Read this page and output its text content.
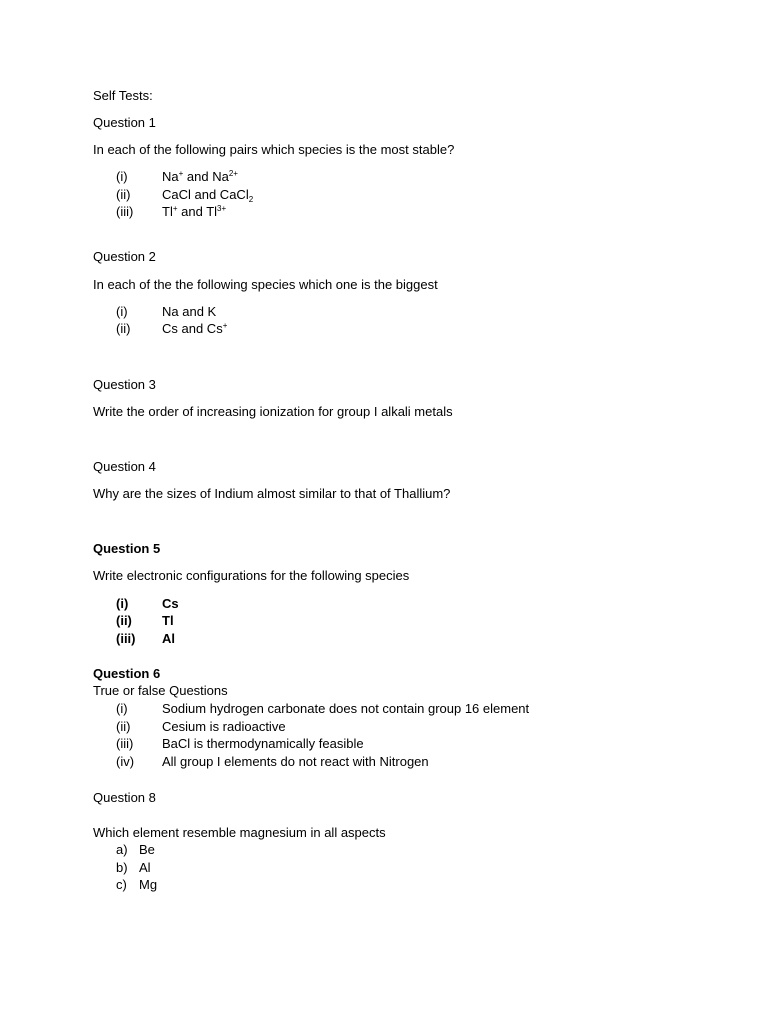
Self Tests:
Question 1
In each of the following pairs which species is the most stable?
(i)	Na+ and $Na^{2+}$
(ii) CaCl and CaCl$_2$
(iii) Tl+ and $Tl^{3+}$
Question 2
In each of the the following species which one is the biggest
(i)	Na and K
(ii) Cs and Cs+
Question 3
Write the order of increasing ionization for group I alkali metals
Question 4
Why are the sizes of Indium almost similar to that of Thallium?
Question 5
Write electronic configurations for the following species
(i)	Cs
(ii) Tl
(iii) Al
Question 6
True or false Questions
(i)	Sodium hydrogen carbonate does not contain group 16 element
(ii) Cesium is radioactive
(iii) BaCl is thermodynamically feasible
(iv) All group I elements do not react with Nitrogen
Question 8
Which element resemble magnesium in all aspects
a) Be
b) Al
c) Mg
